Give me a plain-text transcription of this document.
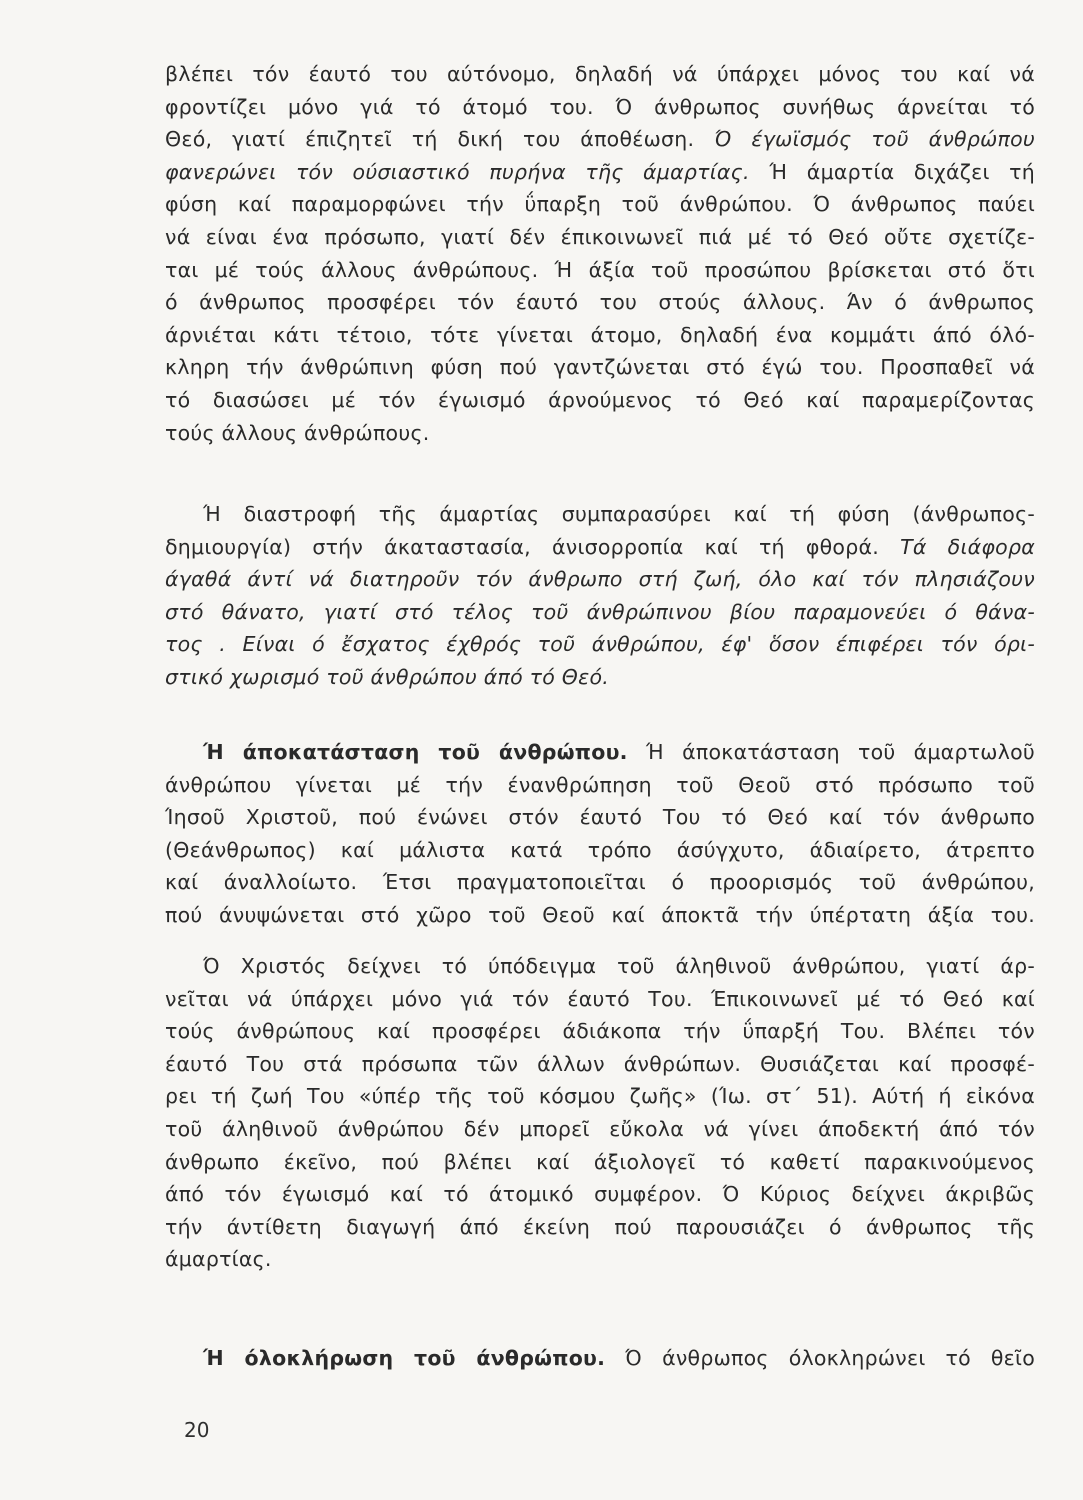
βλέπει τόν έαυτό του αύτόνομο, δηλαδή νά ύπάρχει μόνος του καί νά
φροντίζει μόνο γιά τό άτομό του. Ό άνθρωπος συνήθως άρνείται τό
Θεό, γιατί έπιζητεῖ τή δική του άποθέωση. Ό έγωϊσμός τοῦ άνθρώπου
φανερώνει τόν ούσιαστικό πυρήνα τῆς άμαρτίας. Ή άμαρτία διχάζει τή
φύση καί παραμορφώνει τήν ΰπαρξη τοῦ άνθρώπου. Ό άνθρωπος παύει
νά είναι ένα πρόσωπο, γιατί δέν έπικοινωνεῖ πιά μέ τό Θεό οὔτε σχετίζε-
ται μέ τούς άλλους άνθρώπους. Ή άξία τοῦ προσώπου βρίσκεται στό ὅτι
ό άνθρωπος προσφέρει τόν έαυτό του στούς άλλους. Άν ό άνθρωπος
άρνιέται κάτι τέτοιο, τότε γίνεται άτομο, δηλαδή ένα κομμάτι άπό όλό-
κληρη τήν άνθρώπινη φύση πού γαντζώνεται στό έγώ του. Προσπαθεῖ νά
τό διασώσει μέ τόν έγωισμό άρνούμενος τό Θεό καί παραμερίζοντας
τούς άλλους άνθρώπους.
Ή διαστροφή τῆς άμαρτίας συμπαρασύρει καί τή φύση (άνθρωπος-
δημιουργία) στήν άκαταστασία, άνισορροπία καί τή φθορά. Τά διάφορα
άγαθά άντί νά διατηροῦν τόν άνθρωπο στή ζωή, όλο καί τόν πλησιάζουν
στό θάνατο, γιατί στό τέλος τοῦ άνθρώπινου βίου παραμονεύει ό θάνα-
τος . Είναι ό ἔσχατος έχθρός τοῦ άνθρώπου, έφ' ὅσον έπιφέρει τόν όρι-
στικό χωρισμό τοῦ άνθρώπου άπό τό Θεό.
Ή άποκατάσταση τοῦ άνθρώπου. Ή άποκατάσταση τοῦ άμαρτωλοῦ
άνθρώπου γίνεται μέ τήν ένανθρώπηση τοῦ Θεοῦ στό πρόσωπο τοῦ
Ίησοῦ Χριστοῦ, πού ένώνει στόν έαυτό Του τό Θεό καί τόν άνθρωπο
(Θεάνθρωπος) καί μάλιστα κατά τρόπο άσύγχυτο, άδιαίρετο, άτρεπτο
καί άναλλοίωτο. Έτσι πραγματοποιεῖται ό προορισμός τοῦ άνθρώπου,
πού άνυψώνεται στό χῶρο τοῦ Θεοῦ καί άποκτᾶ τήν ύπέρτατη άξία του.
Ό Χριστός δείχνει τό ύπόδειγμα τοῦ άληθινοῦ άνθρώπου, γιατί άρ-
νεῖται νά ύπάρχει μόνο γιά τόν έαυτό Του. Έπικοινωνεῖ μέ τό Θεό καί
τούς άνθρώπους καί προσφέρει άδιάκοπα τήν ΰπαρξή Του. Βλέπει τόν
έαυτό Του στά πρόσωπα τῶν άλλων άνθρώπων. Θυσιάζεται καί προσφέ-
ρει τή ζωή Του «ύπέρ τῆς τοῦ κόσμου ζωῆς» (Ίω. στ΄ 51). Αύτή ή εἰκόνα
τοῦ άληθινοῦ άνθρώπου δέν μπορεῖ εὔκολα νά γίνει άποδεκτή άπό τόν
άνθρωπο έκεῖνο, πού βλέπει καί άξιολογεῖ τό καθετί παρακινούμενος
άπό τόν έγωισμό καί τό άτομικό συμφέρον. Ό Κύριος δείχνει άκριβῶς
τήν άντίθετη διαγωγή άπό έκείνη πού παρουσιάζει ό άνθρωπος τῆς
άμαρτίας.
Ή όλοκλήρωση τοῦ άνθρώπου. Ό άνθρωπος όλοκληρώνει τό θεῖο
20
